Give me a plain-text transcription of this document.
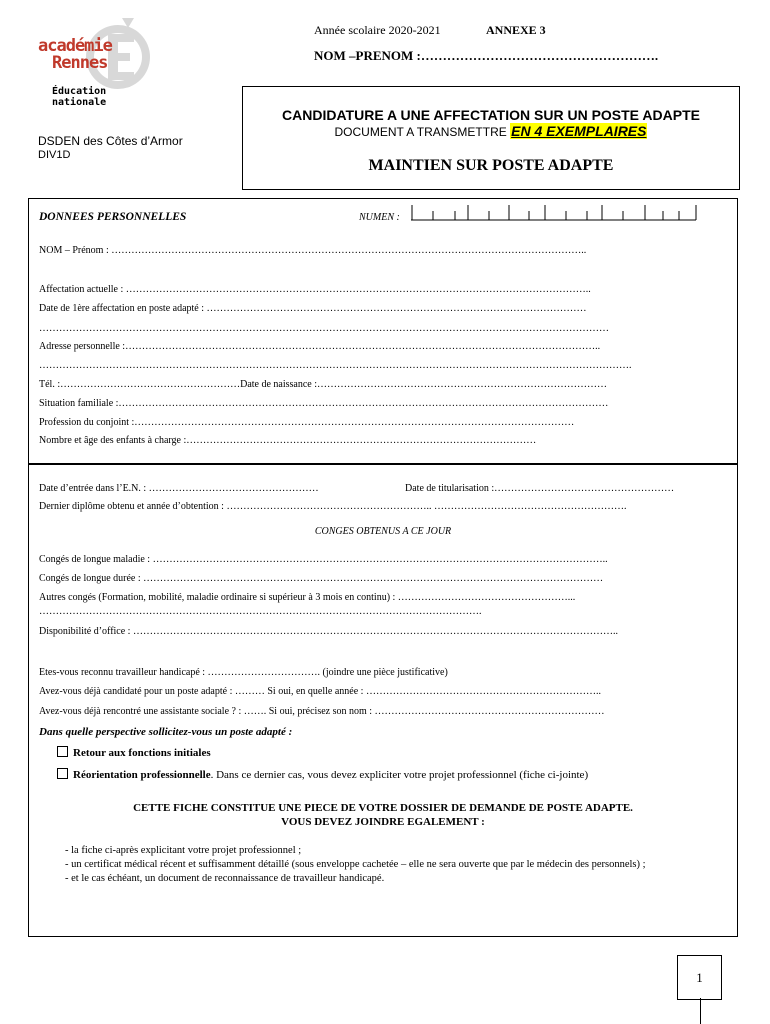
académie
Rennes
Éducation
nationale
Année scolaire 2020-2021	ANNEXE 3
NOM –PRENOM :……………………………………………….
DSDEN des Côtes d’Armor
DIV1D
CANDIDATURE A UNE AFFECTATION SUR UN POSTE ADAPTE
DOCUMENT A TRANSMETTRE EN 4 EXEMPLAIRES
MAINTIEN SUR POSTE ADAPTE
DONNEES PERSONNELLES	NUMEN :
NOM – Prénom : ……………………………………………………………………………………………………………………………..
Affectation actuelle : …………………………………………………………………………………………………………………………..
Date de 1ère affectation en poste adapté : ……………………………………………………………………………………………………
………………………………………………………………………………………………………………………………………………………
Adresse personnelle :……………………………………………………………………………………………………………………………..
…………………………………………………………………………………………………………………………………………………………….
Tél. :………………………………………………Date de naissance :……………………………………………………………………………
Situation familiale :…………………………………………………………………………………………………………………………………
Profession du conjoint :……………………………………………………………………………………………………………………
Nombre et âge des enfants à charge :……………………………………………………………………………………………
Date d’entrée dans l’E.N. : ……………………………………………	Date de titularisation :………………………………………………
Dernier diplôme obtenu et année d’obtention : …………………………………………………….. ………………………………………………….
CONGES OBTENUS A CE JOUR
Congés de longue maladie : ………………………………………………………………………………………………………………………..
Congés de longue durée : …………………………………………………………………………………………………………………………
Autres congés (Formation, mobilité, maladie ordinaire si supérieur à 3 mois en continu) : ……………………………………………...
…………………………………………………………………………………………………………………….
Disponibilité d’office : ………………………………………………………………………………………………………………………………..
Etes-vous reconnu travailleur handicapé : ……………………………. (joindre une pièce justificative)
Avez-vous déjà candidaté pour un poste adapté : ……… Si oui, en quelle année : ……………………………………………………………..
Avez-vous déjà rencontré une assistante sociale ? : ……. Si oui, précisez son nom : ……………………………………………………………
Dans quelle perspective sollicitez-vous un poste adapté :
Retour aux fonctions initiales
Réorientation professionnelle. Dans ce dernier cas, vous devez expliciter votre projet professionnel (fiche ci-jointe)
CETTE FICHE CONSTITUE UNE PIECE DE VOTRE DOSSIER DE DEMANDE DE POSTE ADAPTE.
VOUS DEVEZ JOINDRE EGALEMENT :
- la fiche ci-après explicitant votre projet professionnel ;
- un certificat médical récent et suffisamment détaillé (sous enveloppe cachetée – elle ne sera ouverte que par le médecin des personnels) ;
- et le cas échéant, un document de reconnaissance de travailleur handicapé.
1
